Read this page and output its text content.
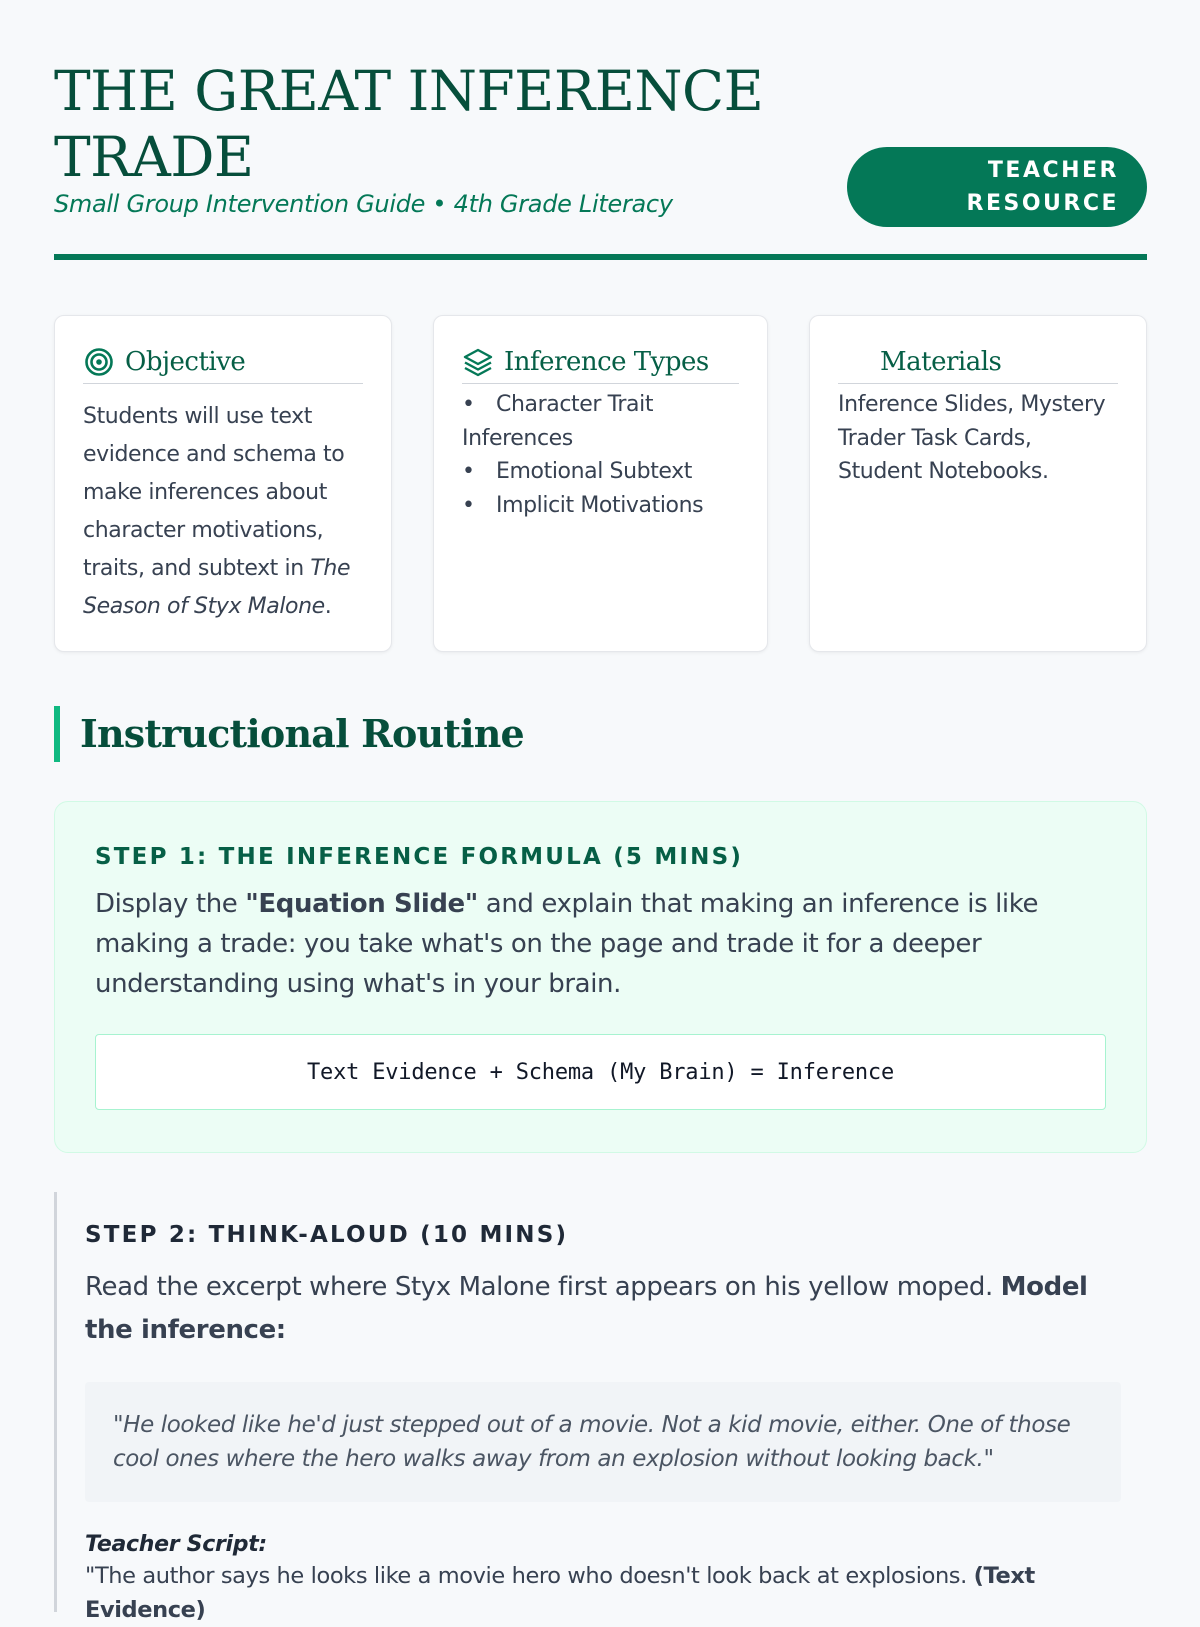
THE GREAT INFERENCE TRADE
Small Group Intervention Guide • 4th Grade Literacy
TEACHER RESOURCE
Objective

Students will use text evidence and schema to make inferences about character motivations, traits, and subtext in The Season of Styx Malone.

Inference Types
• Character Trait Inferences
• Emotional Subtext
• Implicit Motivations
Materials

Inference Slides, Mystery Trader Task Cards, Student Notebooks.

Instructional Routine
STEP 1: THE INFERENCE FORMULA (5 MINS)

Display the "Equation Slide" and explain that making an inference is like making a trade: you take what's on the page and trade it for a deeper understanding using what's in your brain.

Text Evidence + Schema (My Brain) = Inference
STEP 2: THINK-ALOUD (10 MINS)

Read the excerpt where Styx Malone first appears on his yellow moped. Model the inference:

"He looked like he'd just stepped out of a movie. Not a kid movie, either. One of those cool ones where the hero walks away from an explosion without looking back."
Teacher Script:

"The author says he looks like a movie hero who doesn't look back at explosions. (Text Evidence)
